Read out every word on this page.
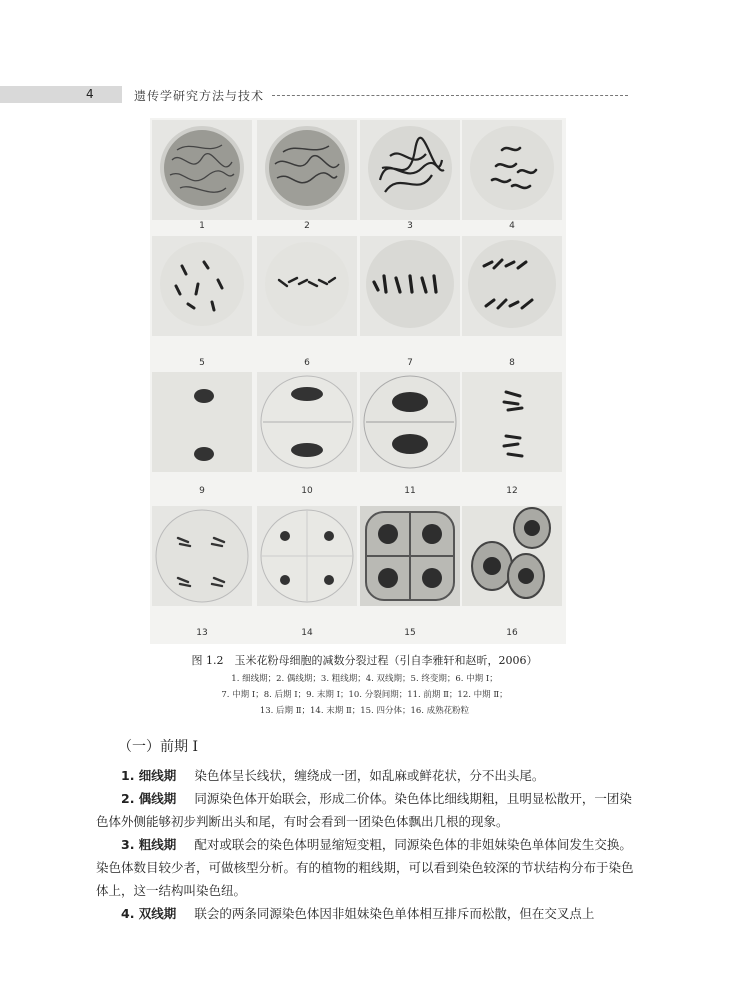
4	遗传学研究方法与技术
1	2	3	4
5	6	7	8
9	10	11	12
13	14	15	16
图 1.2　玉米花粉母细胞的减数分裂过程（引自李雅轩和赵昕，2006）
1. 细线期；2. 偶线期；3. 粗线期；4. 双线期；5. 终变期；6. 中期 Ⅰ；
7. 中期 Ⅰ；8. 后期 Ⅰ；9. 末期 Ⅰ；10. 分裂间期；11. 前期 Ⅱ；12. 中期 Ⅱ；
13. 后期 Ⅱ；14. 末期 Ⅱ；15. 四分体；16. 成熟花粉粒
（一）前期 Ⅰ

1. 细线期 染色体呈长线状，缠绕成一团，如乱麻或鲜花状，分不出头尾。

2. 偶线期 同源染色体开始联会，形成二价体。染色体比细线期粗，且明显松散开，一团染色体外侧能够初步判断出头和尾，有时会看到一团染色体飘出几根的现象。

3. 粗线期 配对或联会的染色体明显缩短变粗，同源染色体的非姐妹染色单体间发生交换。染色体数目较少者，可做核型分析。有的植物的粗线期，可以看到染色较深的节状结构分布于染色体上，这一结构叫染色纽。

4. 双线期 联会的两条同源染色体因非姐妹染色单体相互排斥而松散，但在交叉点上
